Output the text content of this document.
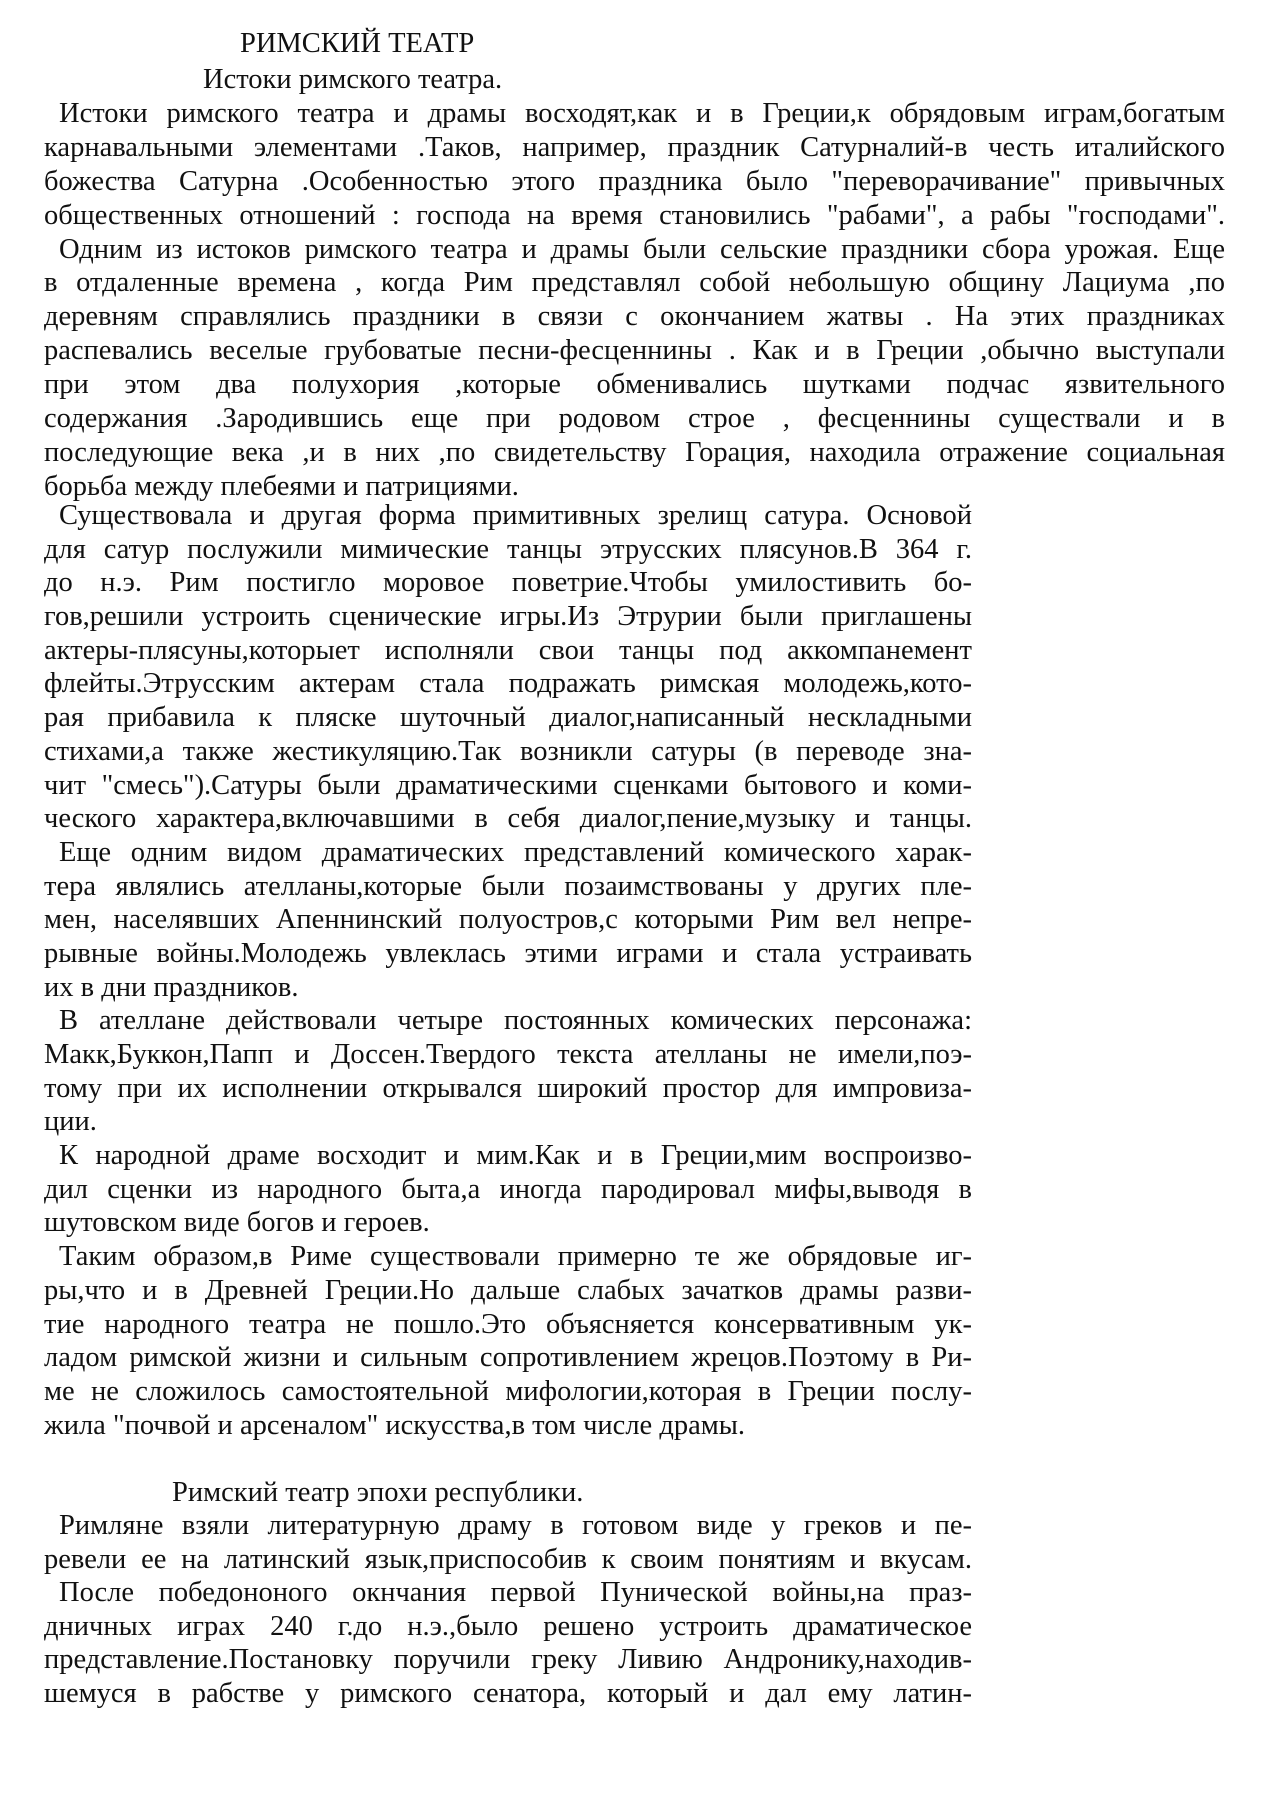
РИМСКИЙ ТЕАТР
Истоки римского театра.
Истоки римского театра и драмы восходят,как и в Греции,к обрядовым играм,богатым
карнавальными элементами .Таков, например, праздник Сатурналий-в честь италийского
божества Сатурна .Особенностью этого праздника было "переворачивание" привычных
общественных отношений : господа на время становились "рабами", а рабы "господами".
Одним из истоков римского театра и драмы были сельские праздники сбора урожая. Еще
в отдаленные времена , когда Рим представлял собой небольшую общину Лациума ,по
деревням справлялись праздники в связи с окончанием жатвы . На этих праздниках
распевались веселые грубоватые песни-фесценнины . Как и в Греции ,обычно выступали
при этом два полухория ,которые обменивались шутками подчас язвительного
содержания .Зародившись еще при родовом строе , фесценнины существали и в
последующие века ,и в них ,по свидетельству Горация, находила отражение социальная
борьба между плебеями и патрициями.
Существовала и другая форма примитивных зрелищ сатура. Основой
для сатур послужили мимические танцы этрусских плясунов.В 364 г.
до н.э. Рим постигло моровое поветрие.Чтобы умилостивить бо-
гов,решили устроить сценические игры.Из Этрурии были приглашены
актеры-плясуны,которыет исполняли свои танцы под аккомпанемент
флейты.Этрусским актерам стала подражать римская молодежь,кото-
рая прибавила к пляске шуточный диалог,написанный нескладными
стихами,а также жестикуляцию.Так возникли сатуры (в переводе зна-
чит "смесь").Сатуры были драматическими сценками бытового и коми-
ческого характера,включавшими в себя диалог,пение,музыку и танцы.
Еще одним видом драматических представлений комического харак-
тера являлись ателланы,которые были позаимствованы у других пле-
мен, населявших Апеннинский полуостров,с которыми Рим вел непре-
рывные войны.Молодежь увлеклась этими играми и стала устраивать
их в дни праздников.
В ателлане действовали четыре постоянных комических персонажа:
Макк,Буккон,Папп и Доссен.Твердого текста ателланы не имели,поэ-
тому при их исполнении открывался широкий простор для импровиза-
ции.
К народной драме восходит и мим.Как и в Греции,мим воспроизво-
дил сценки из народного быта,а иногда пародировал мифы,выводя в
шутовском виде богов и героев.
Таким образом,в Риме существовали примерно те же обрядовые иг-
ры,что и в Древней Греции.Но дальше слабых зачатков драмы разви-
тие народного театра не пошло.Это объясняется консервативным ук-
ладом римской жизни и сильным сопротивлением жрецов.Поэтому в Ри-
ме не сложилось самостоятельной мифологии,которая в Греции послу-
жила "почвой и арсеналом" искусства,в том числе драмы.
Римский театр эпохи республики.
Римляне взяли литературную драму в готовом виде у греков и пе-
ревели ее на латинский язык,приспособив к своим понятиям и вкусам.
После победононого окнчания первой Пунической войны,на праз-
дничных играх 240 г.до н.э.,было решено устроить драматическое
представление.Постановку поручили греку Ливию Андронику,находив-
шемуся в рабстве у римского сенатора, который и дал ему латин-
